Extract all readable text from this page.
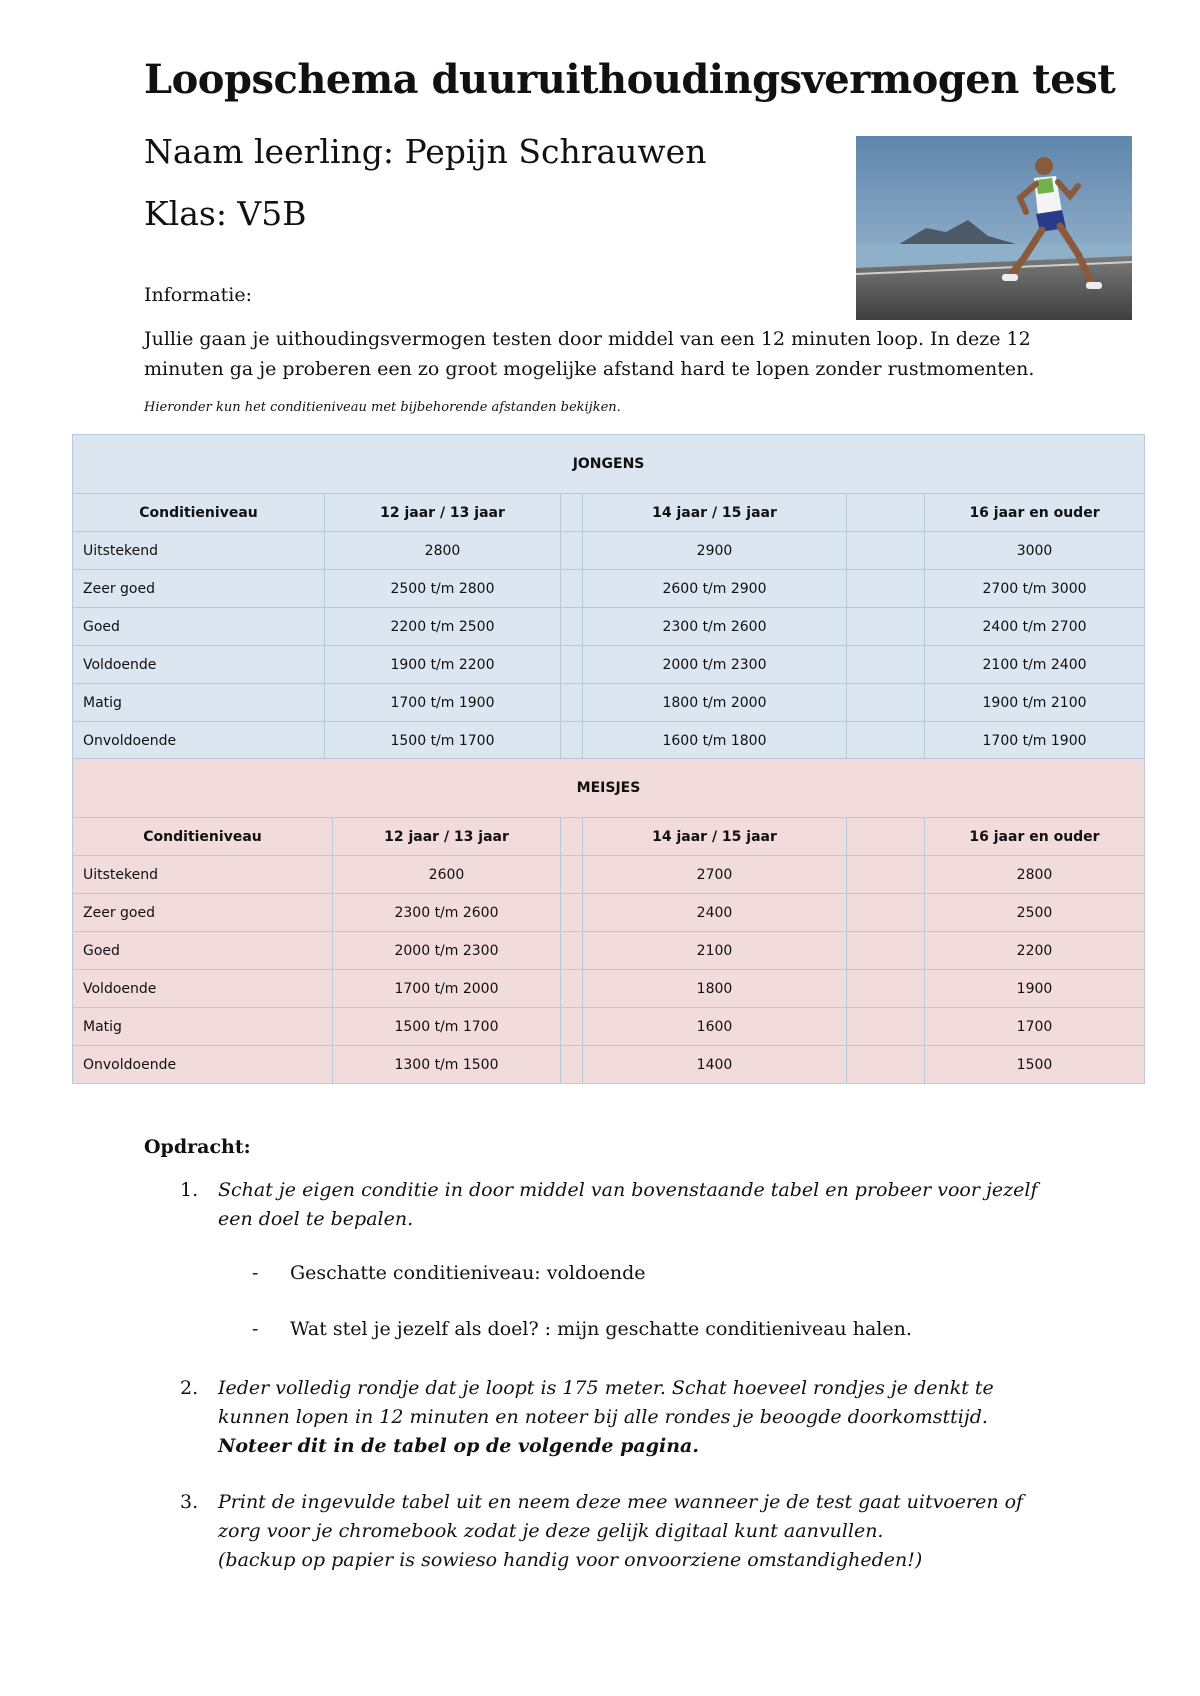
Loopschema duuruithoudingsvermogen test

Naam leerling: Pepijn Schrauwen

Klas: V5B

Informatie:
Jullie gaan je uithoudingsvermogen testen door middel van een 12 minuten loop. In deze 12 minuten ga je proberen een zo groot mogelijke afstand hard te lopen zonder rustmomenten.
Hieronder kun het conditieniveau met bijbehorende afstanden bekijken.
JONGENS					
Conditieniveau	12 jaar / 13 jaar		14 jaar / 15 jaar		16 jaar en ouder
Uitstekend	2800		2900		3000
Zeer goed	2500 t/m 2800		2600 t/m 2900		2700 t/m 3000
Goed	2200 t/m 2500		2300 t/m 2600		2400 t/m 2700
Voldoende	1900 t/m 2200		2000 t/m 2300		2100 t/m 2400
Matig	1700 t/m 1900		1800 t/m 2000		1900 t/m 2100
Onvoldoende	1500 t/m 1700		1600 t/m 1800		1700 t/m 1900
MEISJES					
Conditieniveau	12 jaar / 13 jaar		14 jaar / 15 jaar		16 jaar en ouder
Uitstekend	2600		2700		2800
Zeer goed	2300 t/m 2600		2400		2500
Goed	2000 t/m 2300		2100		2200
Voldoende	1700 t/m 2000		1800		1900
Matig	1500 t/m 1700		1600		1700
Onvoldoende	1300 t/m 1500		1400		1500
Opdracht:
1. Schat je eigen conditie in door middel van bovenstaande tabel en probeer voor jezelf een doel te bepalen.
- Geschatte conditieniveau: voldoende
- Wat stel je jezelf als doel? : mijn geschatte conditieniveau halen.
2. Ieder volledig rondje dat je loopt is 175 meter. Schat hoeveel rondjes je denkt te kunnen lopen in 12 minuten en noteer bij alle rondes je beoogde doorkomsttijd. Noteer dit in de tabel op de volgende pagina.
3. Print de ingevulde tabel uit en neem deze mee wanneer je de test gaat uitvoeren of zorg voor je chromebook zodat je deze gelijk digitaal kunt aanvullen.
(backup op papier is sowieso handig voor onvoorziene omstandigheden!)
